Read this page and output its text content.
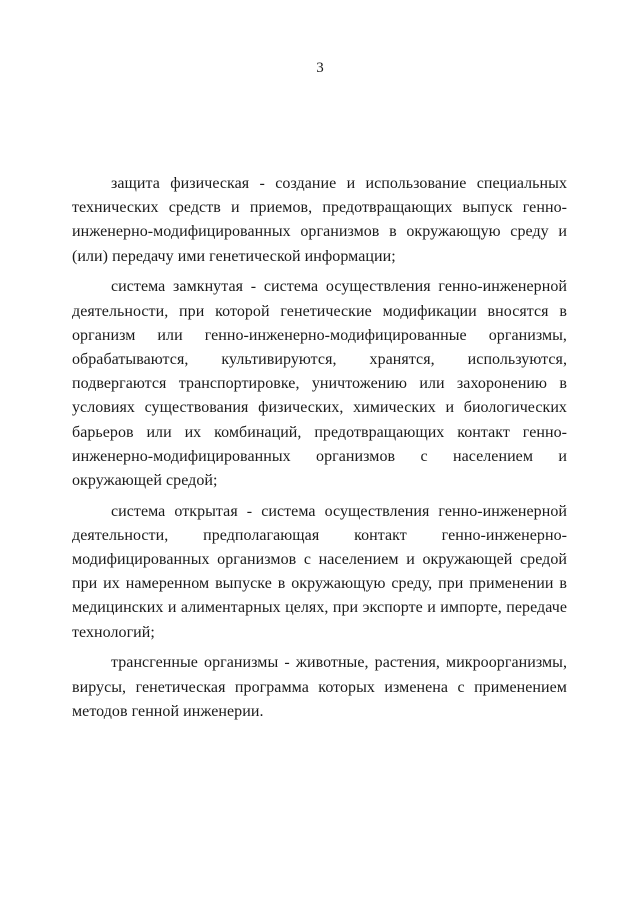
3

защита физическая - создание и использование специальных технических средств и приемов, предотвращающих выпуск генно-инженерно-модифицированных организмов в окружающую среду и (или) передачу ими генетической информации;

система замкнутая - система осуществления генно-инженерной деятельности, при которой генетические модификации вносятся в организм или генно-инженерно-модифицированные организмы, обрабатываются, культивируются, хранятся, используются, подвергаются транспортировке, уничтожению или захоронению в условиях существования физических, химических и биологических барьеров или их комбинаций, предотвращающих контакт генно-инженерно-модифицированных организмов с населением и окружающей средой;

система открытая - система осуществления генно-инженерной деятельности, предполагающая контакт генно-инженерно-модифицированных организмов с населением и окружающей средой при их намеренном выпуске в окружающую среду, при применении в медицинских и алиментарных целях, при экспорте и импорте, передаче технологий;

трансгенные организмы - животные, растения, микроорганизмы, вирусы, генетическая программа которых изменена с применением методов генной инженерии.
